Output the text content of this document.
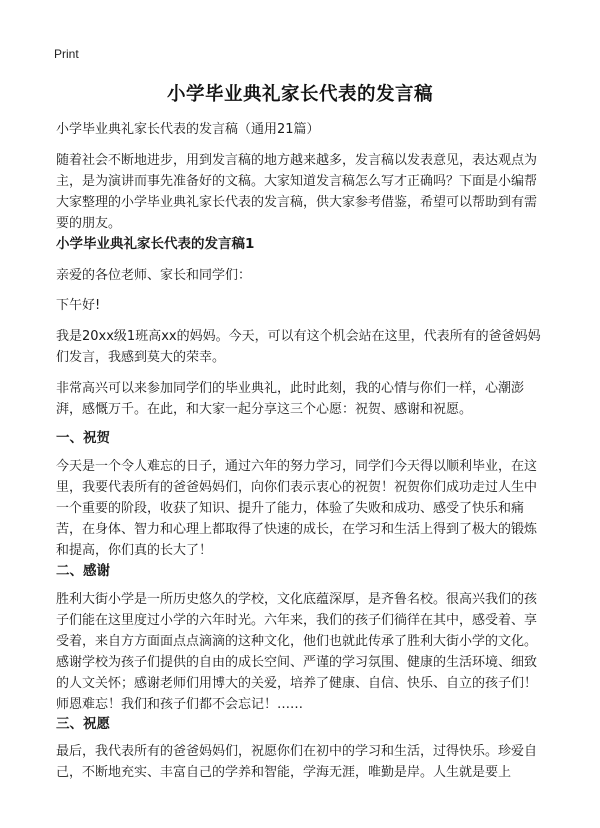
Print
小学毕业典礼家长代表的发言稿

小学毕业典礼家长代表的发言稿（通用21篇）

随着社会不断地进步，用到发言稿的地方越来越多，发言稿以发表意见，表达观点为主，是为演讲而事先准备好的文稿。大家知道发言稿怎么写才正确吗？下面是小编帮大家整理的小学毕业典礼家长代表的发言稿，供大家参考借鉴，希望可以帮助到有需要的朋友。

小学毕业典礼家长代表的发言稿1

亲爱的各位老师、家长和同学们：

下午好!

我是20xx级1班高xx的妈妈。今天，可以有这个机会站在这里，代表所有的爸爸妈妈们发言，我感到莫大的荣幸。

非常高兴可以来参加同学们的毕业典礼，此时此刻，我的心情与你们一样，心潮澎湃，感慨万千。在此，和大家一起分享这三个心愿：祝贺、感谢和祝愿。

一、祝贺

今天是一个令人难忘的日子，通过六年的努力学习，同学们今天得以顺利毕业，在这里，我要代表所有的爸爸妈妈们，向你们表示衷心的祝贺！祝贺你们成功走过人生中一个重要的阶段，收获了知识、提升了能力，体验了失败和成功、感受了快乐和痛苦，在身体、智力和心理上都取得了快速的成长，在学习和生活上得到了极大的锻炼和提高，你们真的长大了！

二、感谢

胜利大街小学是一所历史悠久的学校，文化底蕴深厚，是齐鲁名校。很高兴我们的孩子们能在这里度过小学的六年时光。六年来，我们的孩子们徜徉在其中，感受着、享受着，来自方方面面点点滴滴的这种文化，他们也就此传承了胜利大街小学的文化。感谢学校为孩子们提供的自由的成长空间、严谨的学习氛围、健康的生活环境、细致的人文关怀；感谢老师们用博大的关爱，培养了健康、自信、快乐、自立的孩子们！师恩难忘！我们和孩子们都不会忘记！……

三、祝愿

最后，我代表所有的爸爸妈妈们，祝愿你们在初中的学习和生活，过得快乐。珍爱自己，不断地充实、丰富自己的学养和智能，学海无涯，唯勤是岸。人生就是要上
